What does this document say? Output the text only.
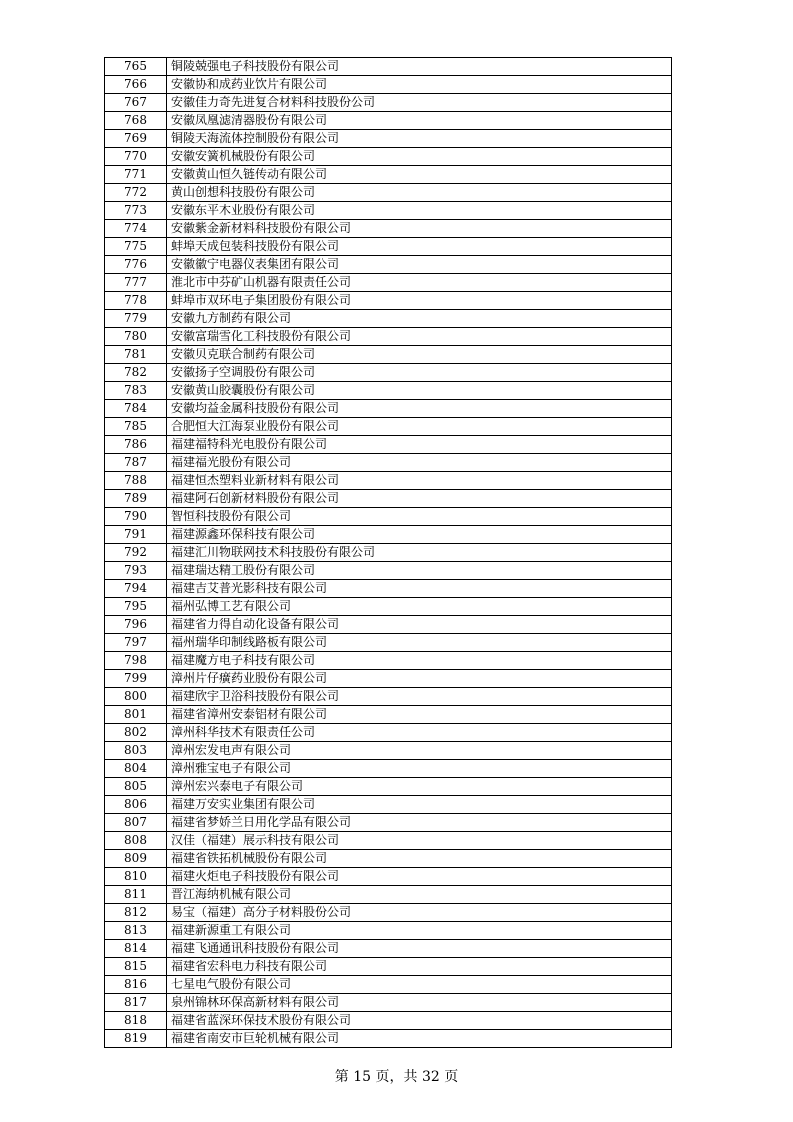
765	铜陵兢强电子科技股份有限公司
766	安徽协和成药业饮片有限公司
767	安徽佳力奇先进复合材料科技股份公司
768	安徽凤凰滤清器股份有限公司
769	铜陵天海流体控制股份有限公司
770	安徽安簧机械股份有限公司
771	安徽黄山恒久链传动有限公司
772	黄山创想科技股份有限公司
773	安徽东平木业股份有限公司
774	安徽紫金新材料科技股份有限公司
775	蚌埠天成包装科技股份有限公司
776	安徽徽宁电器仪表集团有限公司
777	淮北市中芬矿山机器有限责任公司
778	蚌埠市双环电子集团股份有限公司
779	安徽九方制药有限公司
780	安徽富瑞雪化工科技股份有限公司
781	安徽贝克联合制药有限公司
782	安徽扬子空调股份有限公司
783	安徽黄山胶囊股份有限公司
784	安徽均益金属科技股份有限公司
785	合肥恒大江海泵业股份有限公司
786	福建福特科光电股份有限公司
787	福建福光股份有限公司
788	福建恒杰塑料业新材料有限公司
789	福建阿石创新材料股份有限公司
790	智恒科技股份有限公司
791	福建源鑫环保科技有限公司
792	福建汇川物联网技术科技股份有限公司
793	福建瑞达精工股份有限公司
794	福建吉艾普光影科技有限公司
795	福州弘博工艺有限公司
796	福建省力得自动化设备有限公司
797	福州瑞华印制线路板有限公司
798	福建魔方电子科技有限公司
799	漳州片仔癀药业股份有限公司
800	福建欣宇卫浴科技股份有限公司
801	福建省漳州安泰铝材有限公司
802	漳州科华技术有限责任公司
803	漳州宏发电声有限公司
804	漳州雅宝电子有限公司
805	漳州宏兴泰电子有限公司
806	福建万安实业集团有限公司
807	福建省梦娇兰日用化学品有限公司
808	汉佳（福建）展示科技有限公司
809	福建省铁拓机械股份有限公司
810	福建火炬电子科技股份有限公司
811	晋江海纳机械有限公司
812	易宝（福建）高分子材料股份公司
813	福建新源重工有限公司
814	福建飞通通讯科技股份有限公司
815	福建省宏科电力科技有限公司
816	七星电气股份有限公司
817	泉州锦林环保高新材料有限公司
818	福建省蓝深环保技术股份有限公司
819	福建省南安市巨轮机械有限公司
第 15 页，共 32 页
